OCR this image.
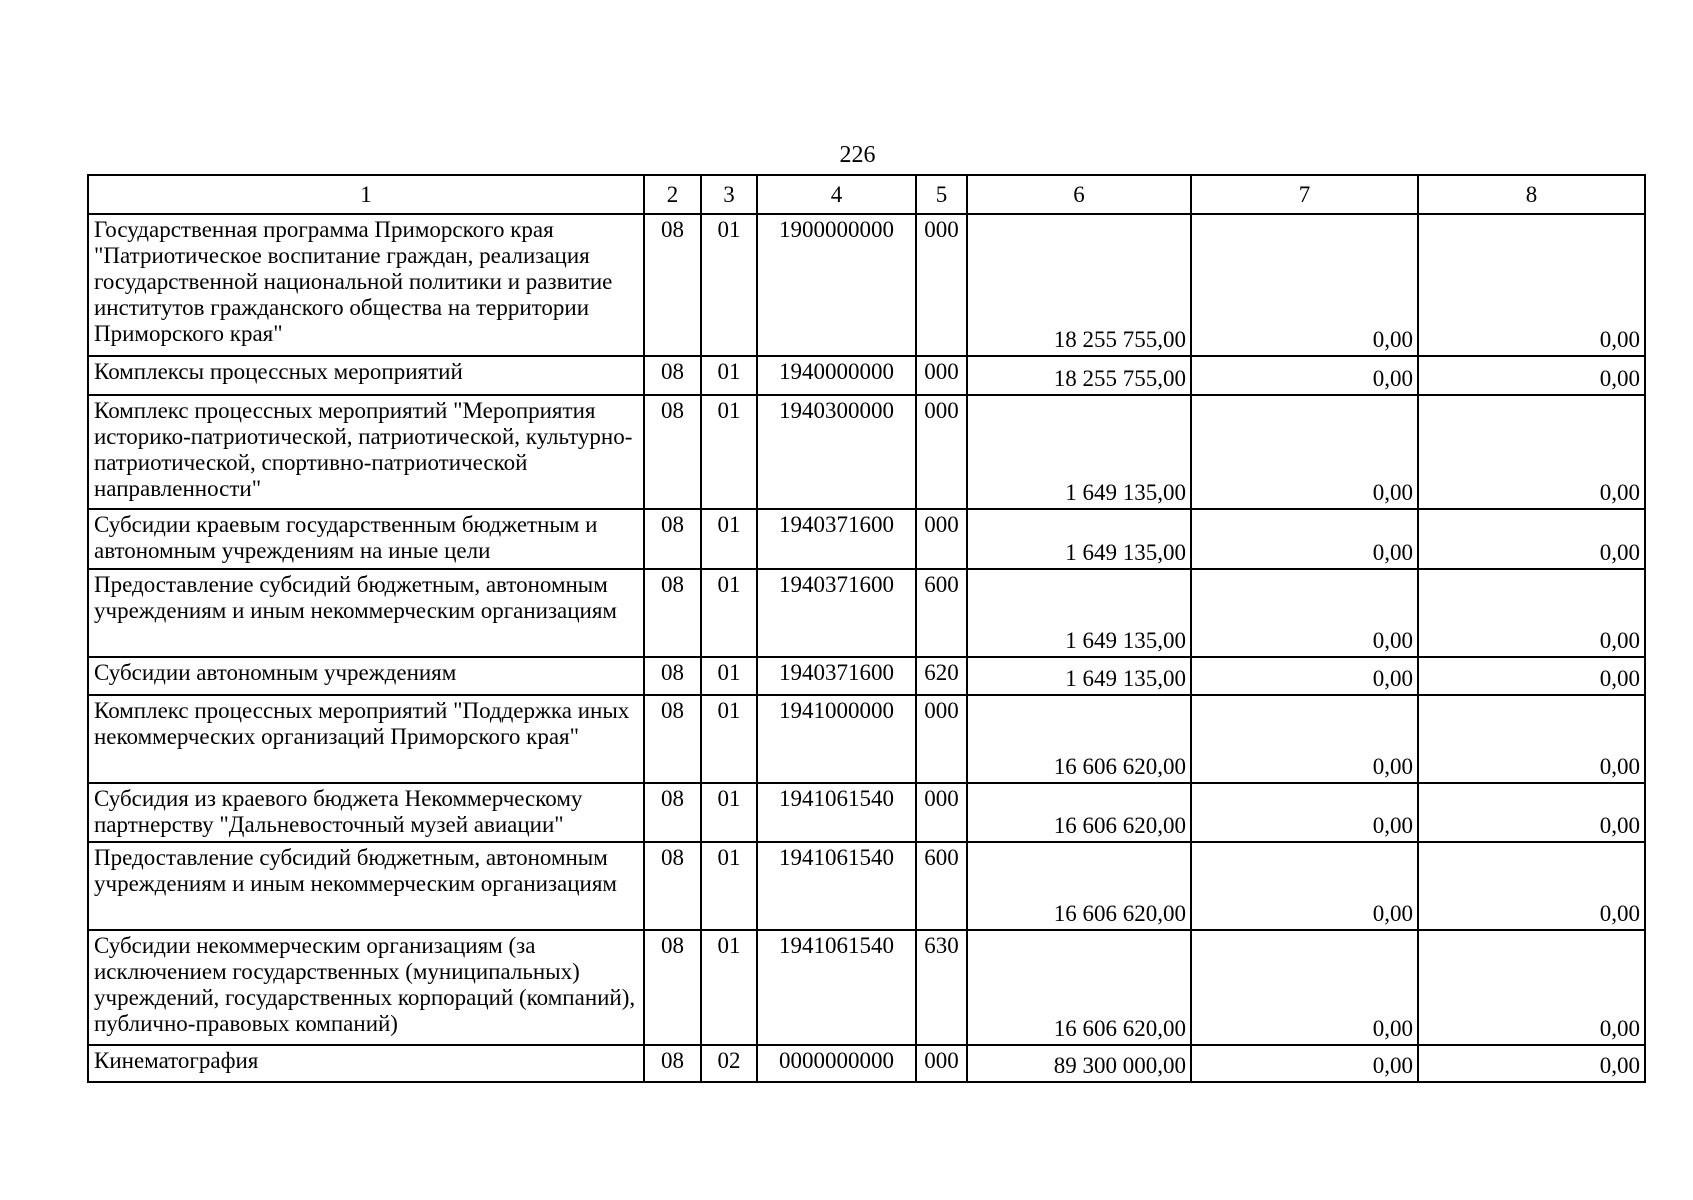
226
1	2	3	4	5	6	7	8
Государственная программа Приморского края "Патриотическое воспитание граждан, реализация государственной национальной политики и развитие институтов гражданского общества на территории Приморского края"	08	01	1900000000	000	18 255 755,00	0,00	0,00
Комплексы процессных мероприятий	08	01	1940000000	000	18 255 755,00	0,00	0,00
Комплекс процессных мероприятий "Мероприятия историко-патриотической, патриотической, культурно-патриотической, спортивно-патриотической направленности"	08	01	1940300000	000	1 649 135,00	0,00	0,00
Субсидии краевым государственным бюджетным и автономным учреждениям на иные цели	08	01	1940371600	000	1 649 135,00	0,00	0,00
Предоставление субсидий бюджетным, автономным учреждениям и иным некоммерческим организациям	08	01	1940371600	600	1 649 135,00	0,00	0,00
Субсидии автономным учреждениям	08	01	1940371600	620	1 649 135,00	0,00	0,00
Комплекс процессных мероприятий "Поддержка иных некоммерческих организаций Приморского края"	08	01	1941000000	000	16 606 620,00	0,00	0,00
Субсидия из краевого бюджета Некоммерческому партнерству "Дальневосточный музей авиации"	08	01	1941061540	000	16 606 620,00	0,00	0,00
Предоставление субсидий бюджетным, автономным учреждениям и иным некоммерческим организациям	08	01	1941061540	600	16 606 620,00	0,00	0,00
Субсидии некоммерческим организациям (за исключением государственных (муниципальных) учреждений, государственных корпораций (компаний), публично-правовых компаний)	08	01	1941061540	630	16 606 620,00	0,00	0,00
Кинематография	08	02	0000000000	000	89 300 000,00	0,00	0,00
